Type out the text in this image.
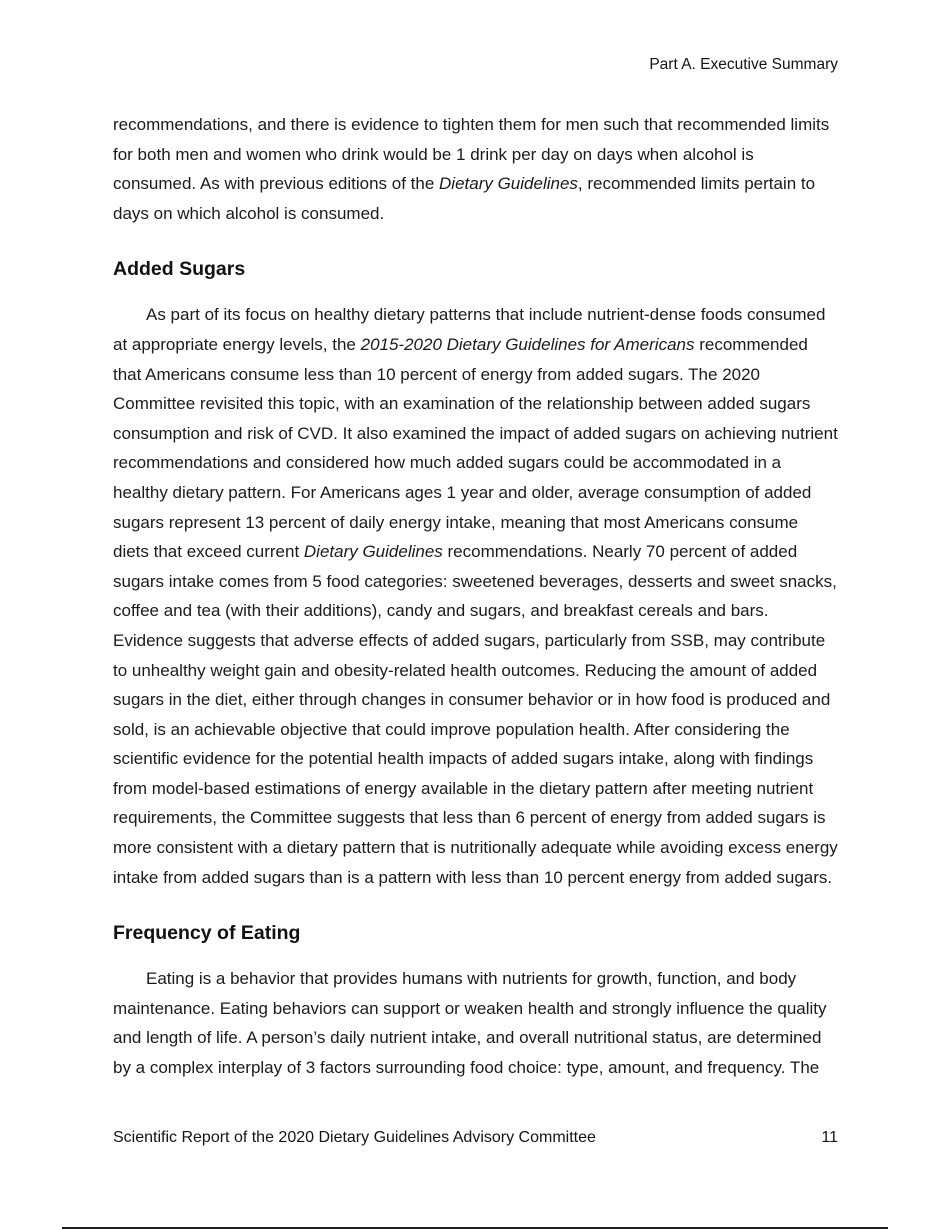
Part A. Executive Summary

recommendations, and there is evidence to tighten them for men such that recommended limits for both men and women who drink would be 1 drink per day on days when alcohol is consumed. As with previous editions of the Dietary Guidelines, recommended limits pertain to days on which alcohol is consumed.

Added Sugars

As part of its focus on healthy dietary patterns that include nutrient-dense foods consumed at appropriate energy levels, the 2015-2020 Dietary Guidelines for Americans recommended that Americans consume less than 10 percent of energy from added sugars. The 2020 Committee revisited this topic, with an examination of the relationship between added sugars consumption and risk of CVD. It also examined the impact of added sugars on achieving nutrient recommendations and considered how much added sugars could be accommodated in a healthy dietary pattern. For Americans ages 1 year and older, average consumption of added sugars represent 13 percent of daily energy intake, meaning that most Americans consume diets that exceed current Dietary Guidelines recommendations. Nearly 70 percent of added sugars intake comes from 5 food categories: sweetened beverages, desserts and sweet snacks, coffee and tea (with their additions), candy and sugars, and breakfast cereals and bars. Evidence suggests that adverse effects of added sugars, particularly from SSB, may contribute to unhealthy weight gain and obesity-related health outcomes. Reducing the amount of added sugars in the diet, either through changes in consumer behavior or in how food is produced and sold, is an achievable objective that could improve population health. After considering the scientific evidence for the potential health impacts of added sugars intake, along with findings from model-based estimations of energy available in the dietary pattern after meeting nutrient requirements, the Committee suggests that less than 6 percent of energy from added sugars is more consistent with a dietary pattern that is nutritionally adequate while avoiding excess energy intake from added sugars than is a pattern with less than 10 percent energy from added sugars.

Frequency of Eating

Eating is a behavior that provides humans with nutrients for growth, function, and body maintenance. Eating behaviors can support or weaken health and strongly influence the quality and length of life. A person’s daily nutrient intake, and overall nutritional status, are determined by a complex interplay of 3 factors surrounding food choice: type, amount, and frequency. The

Scientific Report of the 2020 Dietary Guidelines Advisory Committee	11
